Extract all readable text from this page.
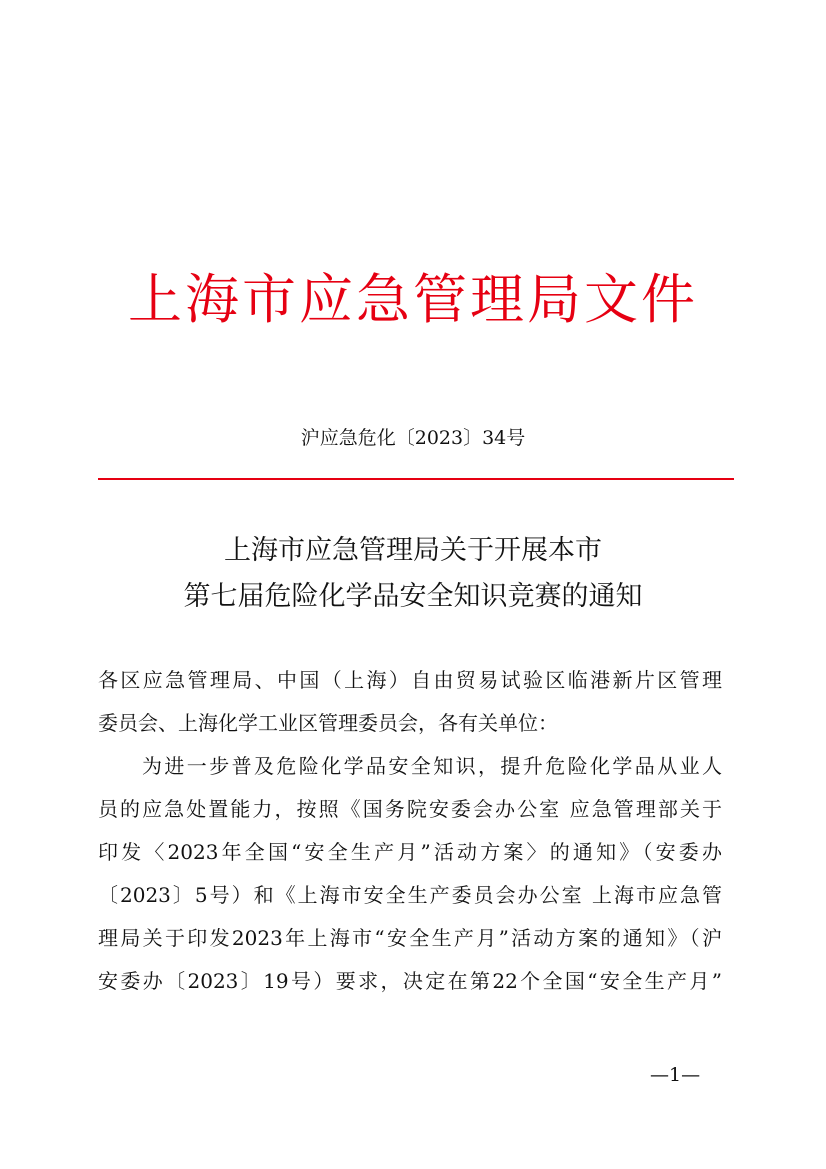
上海市应急管理局文件
沪应急危化〔2023〕34号
上海市应急管理局关于开展本市
第七届危险化学品安全知识竞赛的通知
各区应急管理局、中国（上海）自由贸易试验区临港新片区管理
委员会、上海化学工业区管理委员会，各有关单位：
为进一步普及危险化学品安全知识，提升危险化学品从业人
员的应急处置能力，按照《国务院安委会办公室 应急管理部关于
印发〈2023年全国“安全生产月”活动方案〉的通知》（安委办
〔2023〕5号）和《上海市安全生产委员会办公室 上海市应急管
理局关于印发2023年上海市“安全生产月”活动方案的通知》（沪
安委办〔2023〕19号）要求，决定在第22个全国“安全生产月”
—1—
